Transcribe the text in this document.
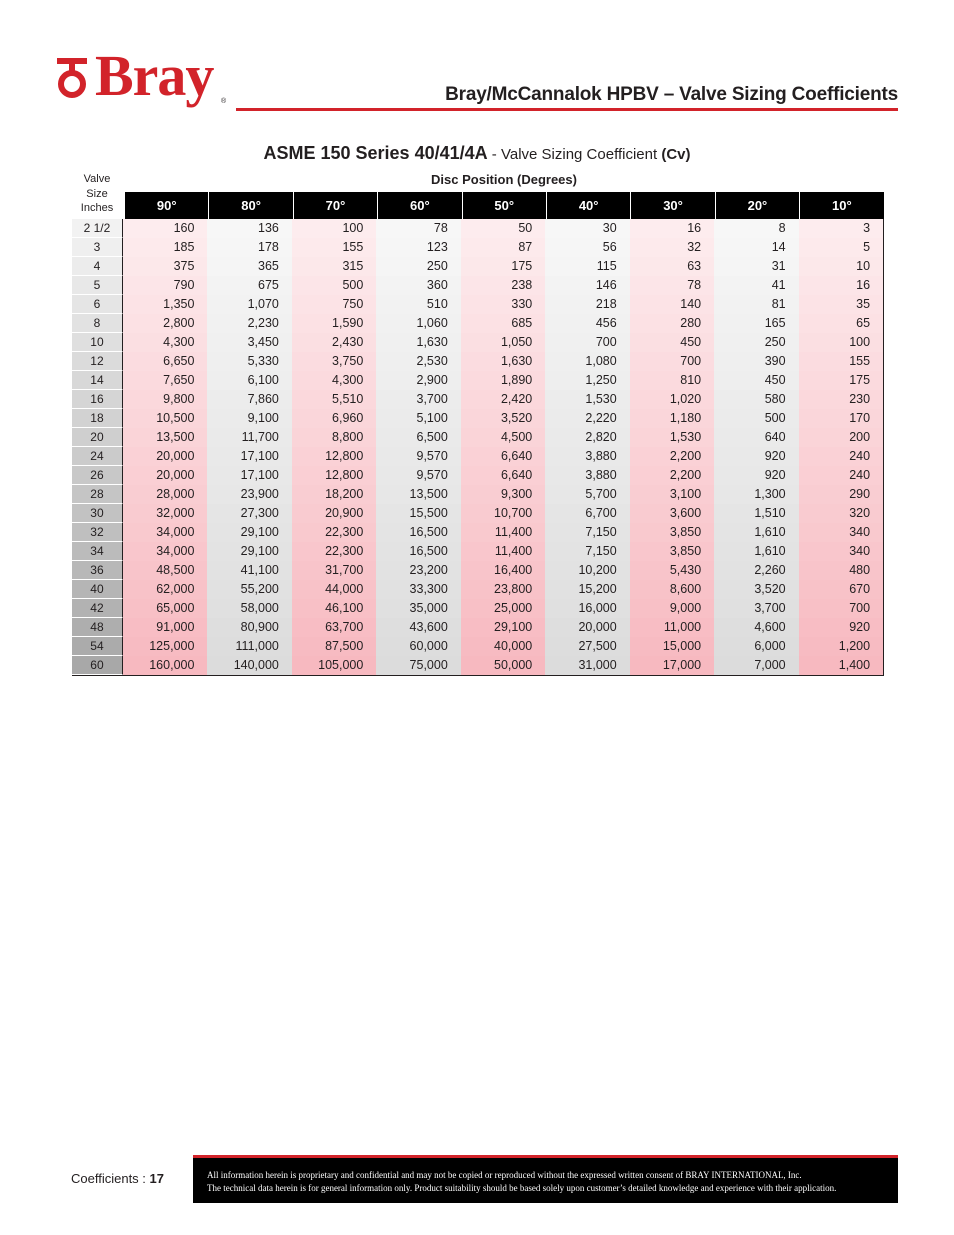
Bray ®	Bray/McCannalok HPBV – Valve Sizing Coefficients
ASME 150 Series 40/41/4A - Valve Sizing Coefficient (Cv)
Valve
Size
Inches
Disc Position (Degrees)
90°	80°	70°	60°	50°	40°	30°	20°	10°
2 1/2	160	136	100	78	50	30	16	8	3
3	185	178	155	123	87	56	32	14	5
4	375	365	315	250	175	115	63	31	10
5	790	675	500	360	238	146	78	41	16
6	1,350	1,070	750	510	330	218	140	81	35
8	2,800	2,230	1,590	1,060	685	456	280	165	65
10	4,300	3,450	2,430	1,630	1,050	700	450	250	100
12	6,650	5,330	3,750	2,530	1,630	1,080	700	390	155
14	7,650	6,100	4,300	2,900	1,890	1,250	810	450	175
16	9,800	7,860	5,510	3,700	2,420	1,530	1,020	580	230
18	10,500	9,100	6,960	5,100	3,520	2,220	1,180	500	170
20	13,500	11,700	8,800	6,500	4,500	2,820	1,530	640	200
24	20,000	17,100	12,800	9,570	6,640	3,880	2,200	920	240
26	20,000	17,100	12,800	9,570	6,640	3,880	2,200	920	240
28	28,000	23,900	18,200	13,500	9,300	5,700	3,100	1,300	290
30	32,000	27,300	20,900	15,500	10,700	6,700	3,600	1,510	320
32	34,000	29,100	22,300	16,500	11,400	7,150	3,850	1,610	340
34	34,000	29,100	22,300	16,500	11,400	7,150	3,850	1,610	340
36	48,500	41,100	31,700	23,200	16,400	10,200	5,430	2,260	480
40	62,000	55,200	44,000	33,300	23,800	15,200	8,600	3,520	670
42	65,000	58,000	46,100	35,000	25,000	16,000	9,000	3,700	700
48	91,000	80,900	63,700	43,600	29,100	20,000	11,000	4,600	920
54	125,000	111,000	87,500	60,000	40,000	27,500	15,000	6,000	1,200
60	160,000	140,000	105,000	75,000	50,000	31,000	17,000	7,000	1,400
Coefficients : 17	All information herein is proprietary and confidential and may not be copied or reproduced without the expressed written consent of BRAY INTERNATIONAL, Inc.
The technical data herein is for general information only. Product suitability should be based solely upon customer’s detailed knowledge and experience with their application.
